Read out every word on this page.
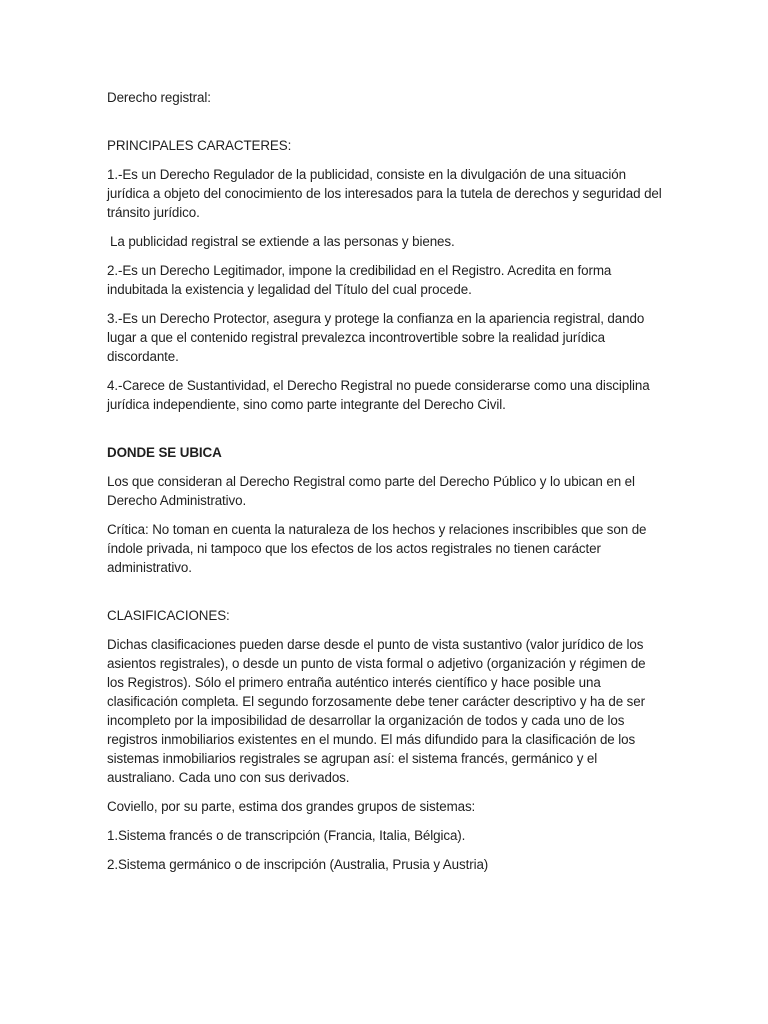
Derecho registral:

PRINCIPALES CARACTERES:

1.-Es un Derecho Regulador de la publicidad, consiste en la divulgación de una situación jurídica a objeto del conocimiento de los interesados para la tutela de derechos y seguridad del tránsito jurídico.

La publicidad registral se extiende a las personas y bienes.

2.-Es un Derecho Legitimador, impone la credibilidad en el Registro. Acredita en forma indubitada la existencia y legalidad del Título del cual procede.

3.-Es un Derecho Protector, asegura y protege la confianza en la apariencia registral, dando lugar a que el contenido registral prevalezca incontrovertible sobre la realidad jurídica discordante.

4.-Carece de Sustantividad, el Derecho Registral no puede considerarse como una disciplina jurídica independiente, sino como parte integrante del Derecho Civil.

DONDE SE UBICA

Los que consideran al Derecho Registral como parte del Derecho Público y lo ubican en el Derecho Administrativo.

Crítica: No toman en cuenta la naturaleza de los hechos y relaciones inscribibles que son de índole privada, ni tampoco que los efectos de los actos registrales no tienen carácter administrativo.

CLASIFICACIONES:

Dichas clasificaciones pueden darse desde el punto de vista sustantivo (valor jurídico de los asientos registrales), o desde un punto de vista formal o adjetivo (organización y régimen de los Registros). Sólo el primero entraña auténtico interés científico y hace posible una clasificación completa. El segundo forzosamente debe tener carácter descriptivo y ha de ser incompleto por la imposibilidad de desarrollar la organización de todos y cada uno de los registros inmobiliarios existentes en el mundo. El más difundido para la clasificación de los sistemas inmobiliarios registrales se agrupan así: el sistema francés, germánico y el australiano. Cada uno con sus derivados.

Coviello, por su parte, estima dos grandes grupos de sistemas:

1.Sistema francés o de transcripción (Francia, Italia, Bélgica).

2.Sistema germánico o de inscripción (Australia, Prusia y Austria)
